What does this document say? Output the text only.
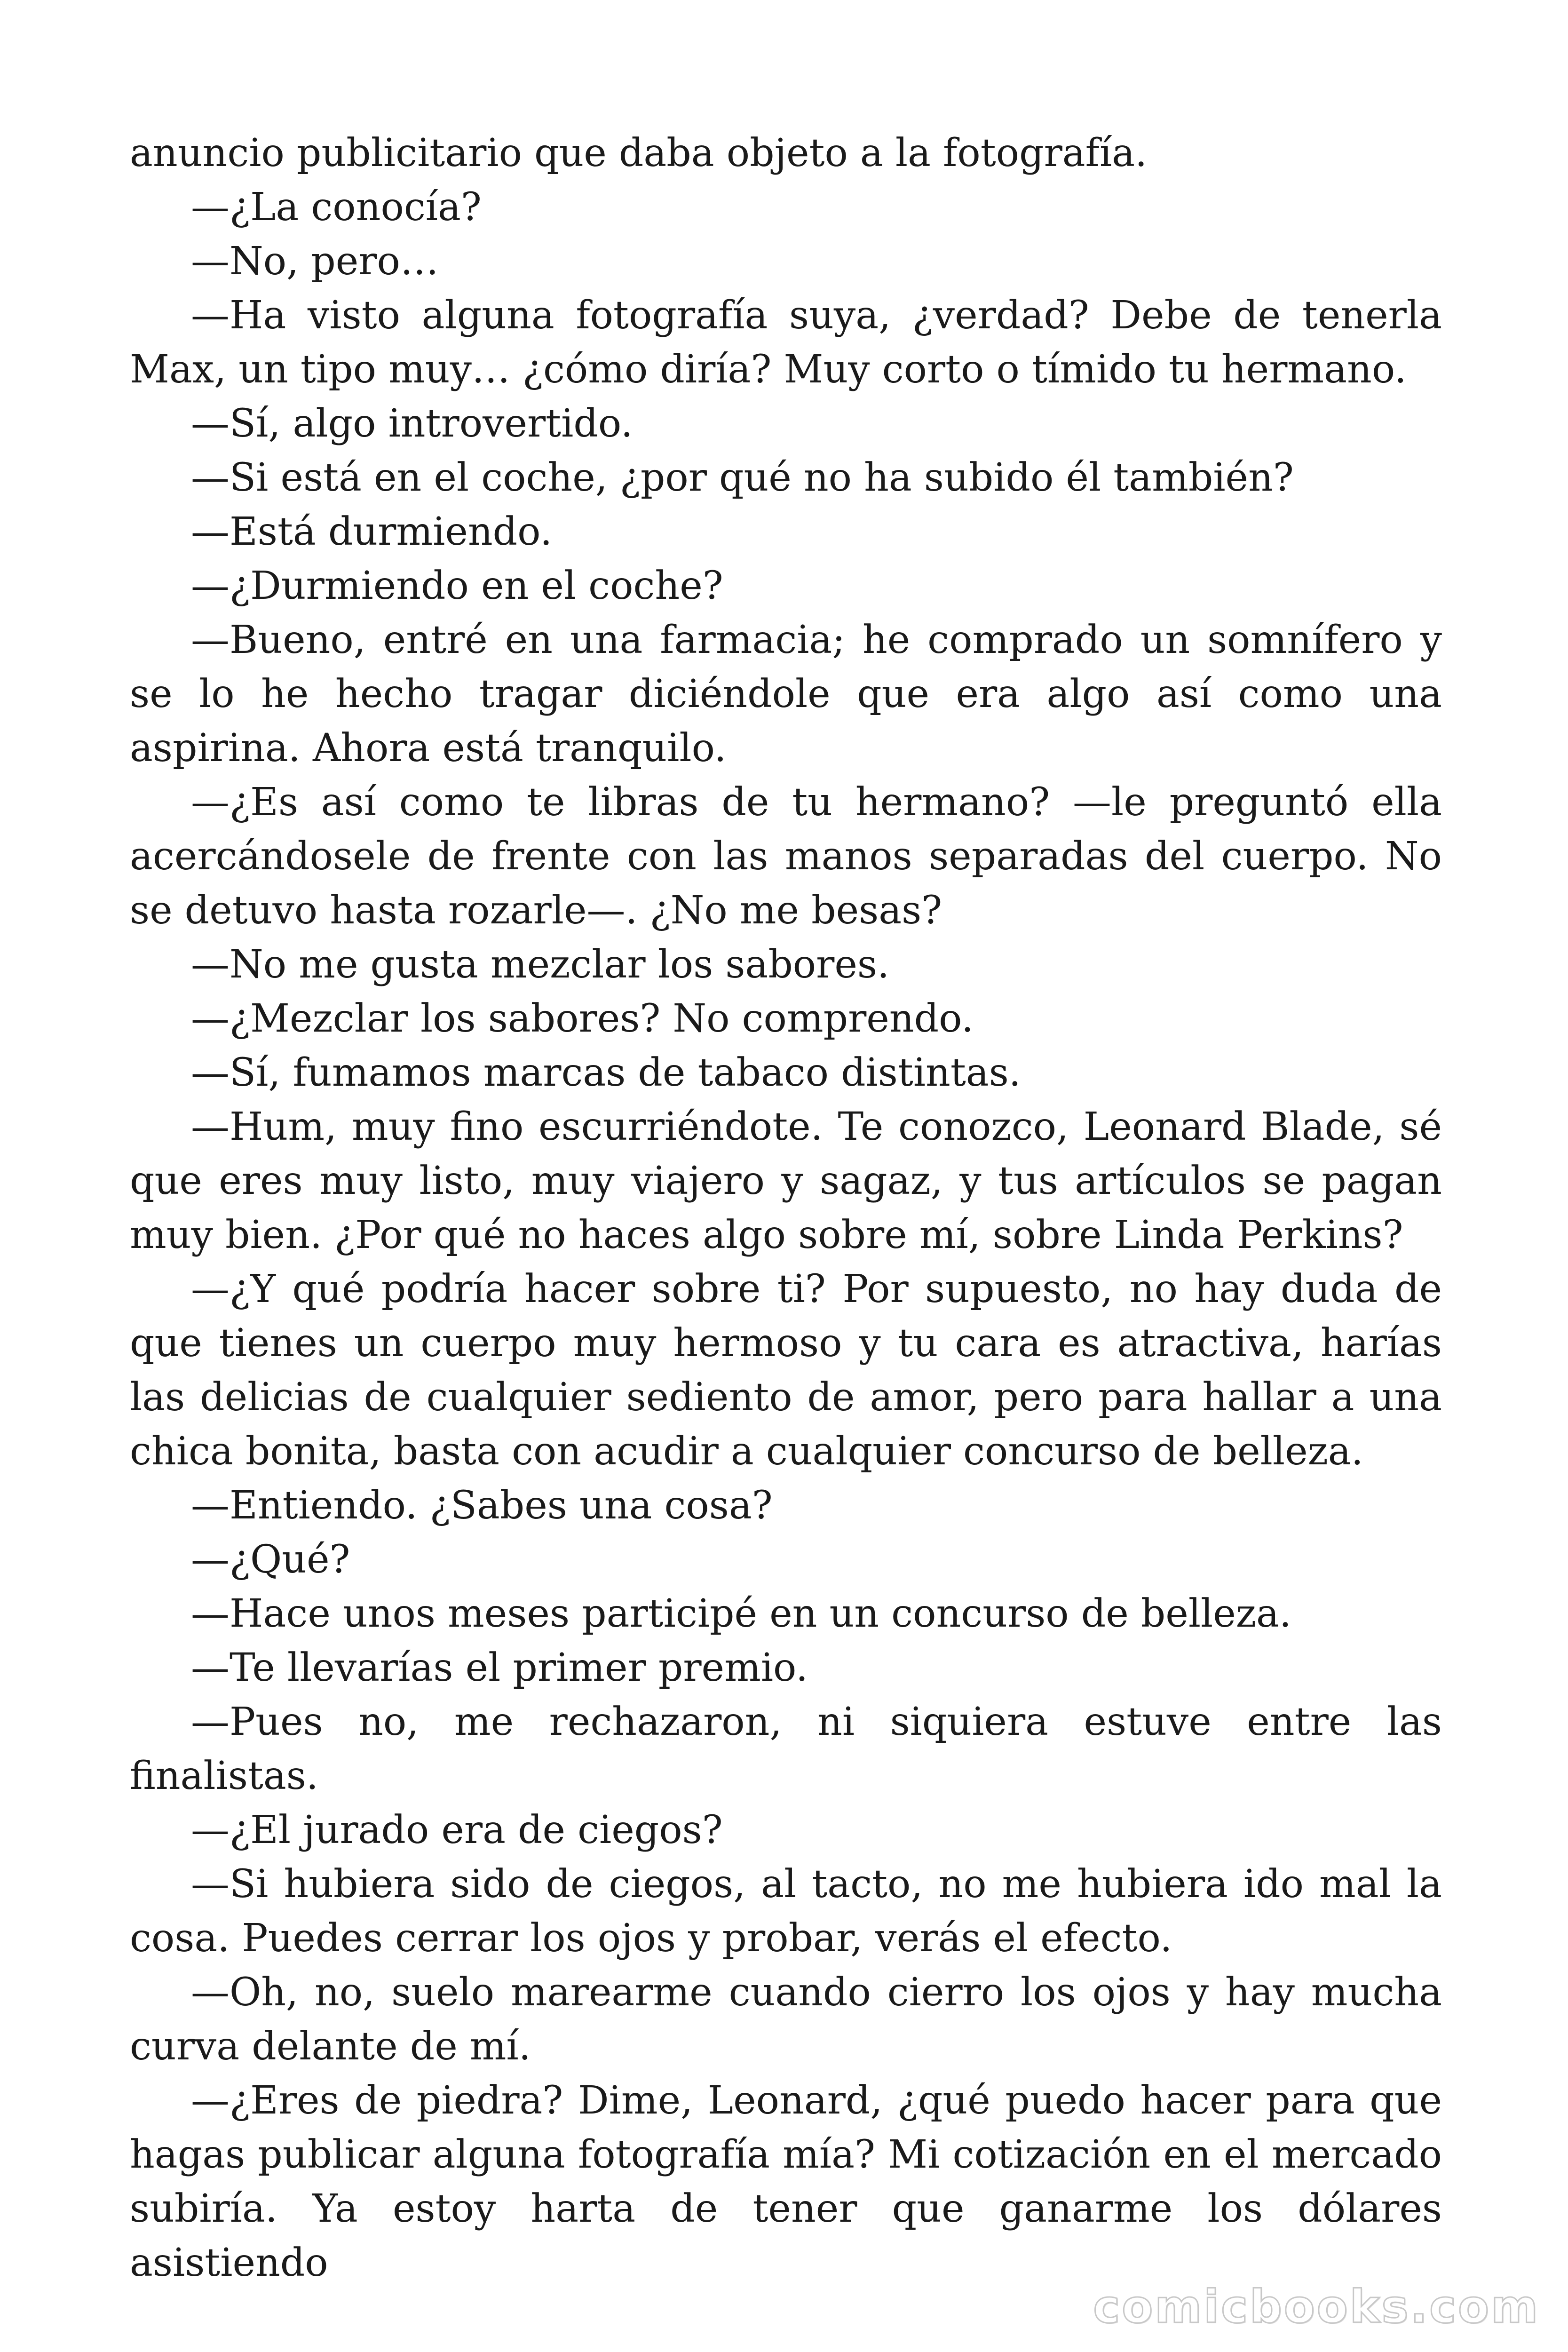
anuncio publicitario que daba objeto a la fotografía.

—¿La conocía?

—No, pero…

—Ha visto alguna fotografía suya, ¿verdad? Debe de tenerla Max, un tipo muy… ¿cómo diría? Muy corto o tímido tu hermano.

—Sí, algo introvertido.

—Si está en el coche, ¿por qué no ha subido él también?

—Está durmiendo.

—¿Durmiendo en el coche?

—Bueno, entré en una farmacia; he comprado un somnífero y se lo he hecho tragar diciéndole que era algo así como una aspirina. Ahora está tranquilo.

—¿Es así como te libras de tu hermano? —le preguntó ella acercándosele de frente con las manos separadas del cuerpo. No se detuvo hasta rozarle—. ¿No me besas?

—No me gusta mezclar los sabores.

—¿Mezclar los sabores? No comprendo.

—Sí, fumamos marcas de tabaco distintas.

—Hum, muy fino escurriéndote. Te conozco, Leonard Blade, sé que eres muy listo, muy viajero y sagaz, y tus artículos se pagan muy bien. ¿Por qué no haces algo sobre mí, sobre Linda Perkins?

—¿Y qué podría hacer sobre ti? Por supuesto, no hay duda de que tienes un cuerpo muy hermoso y tu cara es atractiva, harías las delicias de cualquier sediento de amor, pero para hallar a una chica bonita, basta con acudir a cualquier concurso de belleza.

—Entiendo. ¿Sabes una cosa?

—¿Qué?

—Hace unos meses participé en un concurso de belleza.

—Te llevarías el primer premio.

—Pues no, me rechazaron, ni siquiera estuve entre las finalistas.

—¿El jurado era de ciegos?

—Si hubiera sido de ciegos, al tacto, no me hubiera ido mal la cosa. Puedes cerrar los ojos y probar, verás el efecto.

—Oh, no, suelo marearme cuando cierro los ojos y hay mucha curva delante de mí.

—¿Eres de piedra? Dime, Leonard, ¿qué puedo hacer para que hagas publicar alguna fotografía mía? Mi cotización en el mercado subiría. Ya estoy harta de tener que ganarme los dólares asistiendo

comicbooks.com
